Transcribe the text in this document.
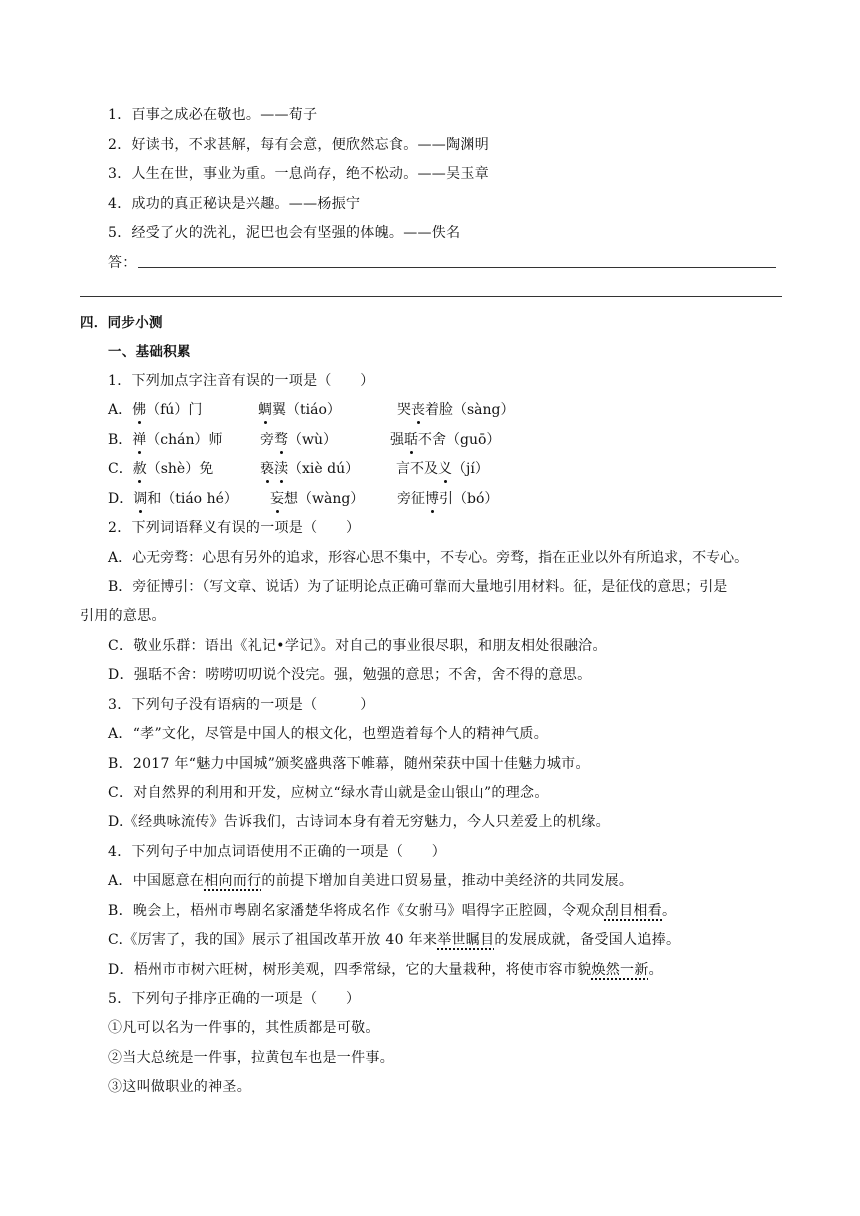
1．百事之成必在敬也。——荀子
2．好读书，不求甚解，每有会意，便欣然忘食。——陶渊明
3．人生在世，事业为重。一息尚存，绝不松动。——吴玉章
4．成功的真正秘诀是兴趣。——杨振宁
5．经受了火的洗礼，泥巴也会有坚强的体魄。——佚名
答：
四．同步小测
一、基础积累
1．下列加点字注音有误的一项是（　　）
A．佛（fú）门	蜩翼（tiáo）	哭丧着脸（sàng）
B．禅（chán）师	旁骛（wù）	强聒不舍（guō）
C．赦（shè）免	亵渎（xiè dú）	言不及义（jí）
D．调和（tiáo hé） 妄想（wàng） 旁征博引（bó）
2．下列词语释义有误的一项是（　　）
A．心无旁骛：心思有另外的追求，形容心思不集中，不专心。旁骛，指在正业以外有所追求，不专心。
B．旁征博引：（写文章、说话）为了证明论点正确可靠而大量地引用材料。征，是征伐的意思；引是
引用的意思。
C．敬业乐群：语出《礼记•学记》。对自己的事业很尽职，和朋友相处很融洽。
D．强聒不舍：唠唠叨叨说个没完。强，勉强的意思；不舍，舍不得的意思。
3．下列句子没有语病的一项是（　　　）
A．“孝”文化，尽管是中国人的根文化，也塑造着每个人的精神气质。
B．2017 年“魅力中国城”颁奖盛典落下帷幕，随州荣获中国十佳魅力城市。
C．对自然界的利用和开发，应树立“绿水青山就是金山银山”的理念。
D.《经典咏流传》告诉我们，古诗词本身有着无穷魅力，今人只差爱上的机缘。
4．下列句子中加点词语使用不正确的一项是（　　）
A．中国愿意在相向而行的前提下增加自美进口贸易量，推动中美经济的共同发展。
B．晚会上，梧州市粤剧名家潘楚华将成名作《女驸马》唱得字正腔圆，令观众刮目相看。
C.《厉害了，我的国》展示了祖国改革开放 40 年来举世瞩目的发展成就，备受国人追捧。
D．梧州市市树六旺树，树形美观，四季常绿，它的大量栽种，将使市容市貌焕然一新。
5．下列句子排序正确的一项是（　　）
①凡可以名为一件事的，其性质都是可敬。
②当大总统是一件事，拉黄包车也是一件事。
③这叫做职业的神圣。
